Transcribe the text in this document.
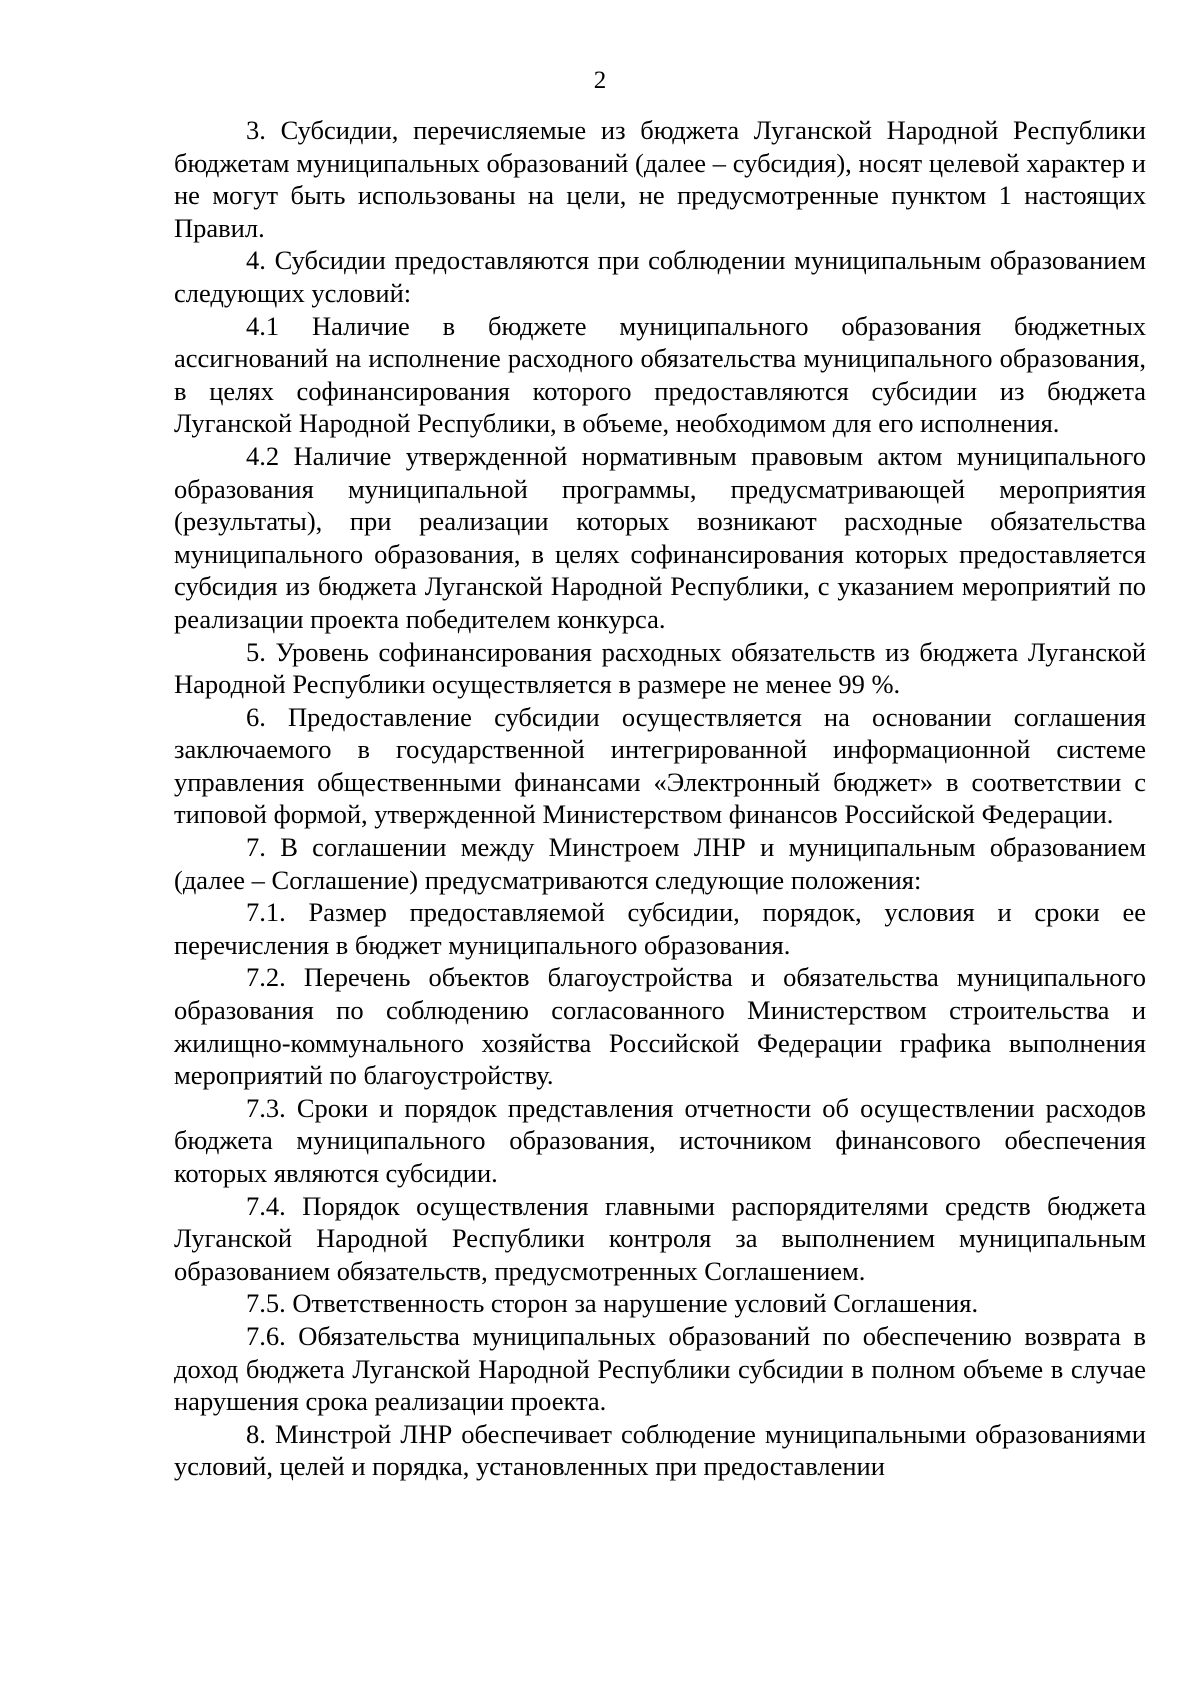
2

3. Субсидии, перечисляемые из бюджета Луганской Народной Республики бюджетам муниципальных образований (далее – субсидия), носят целевой характер и не могут быть использованы на цели, не предусмотренные пунктом 1 настоящих Правил.

4. Субсидии предоставляются при соблюдении муниципальным образованием следующих условий:

4.1 Наличие в бюджете муниципального образования бюджетных ассигнований на исполнение расходного обязательства муниципального образования, в целях софинансирования которого предоставляются субсидии из бюджета Луганской Народной Республики, в объеме, необходимом для его исполнения.

4.2 Наличие утвержденной нормативным правовым актом муниципального образования муниципальной программы, предусматривающей мероприятия (результаты), при реализации которых возникают расходные обязательства муниципального образования, в целях софинансирования которых предоставляется субсидия из бюджета Луганской Народной Республики, с указанием мероприятий по реализации проекта победителем конкурса.

5. Уровень софинансирования расходных обязательств из бюджета Луганской Народной Республики осуществляется в размере не менее 99 %.

6. Предоставление субсидии осуществляется на основании соглашения заключаемого в государственной интегрированной информационной системе управления общественными финансами «Электронный бюджет» в соответствии с типовой формой, утвержденной Министерством финансов Российской Федерации.

7. В соглашении между Минстроем ЛНР и муниципальным образованием (далее – Соглашение) предусматриваются следующие положения:

7.1. Размер предоставляемой субсидии, порядок, условия и сроки ее перечисления в бюджет муниципального образования.

7.2. Перечень объектов благоустройства и обязательства муниципального образования по соблюдению согласованного Министерством строительства и жилищно-коммунального хозяйства Российской Федерации графика выполнения мероприятий по благоустройству.

7.3. Сроки и порядок представления отчетности об осуществлении расходов бюджета муниципального образования, источником финансового обеспечения которых являются субсидии.

7.4. Порядок осуществления главными распорядителями средств бюджета Луганской Народной Республики контроля за выполнением муниципальным образованием обязательств, предусмотренных Соглашением.

7.5. Ответственность сторон за нарушение условий Соглашения.

7.6. Обязательства муниципальных образований по обеспечению возврата в доход бюджета Луганской Народной Республики субсидии в полном объеме в случае нарушения срока реализации проекта.

8. Минстрой ЛНР обеспечивает соблюдение муниципальными образованиями условий, целей и порядка, установленных при предоставлении
